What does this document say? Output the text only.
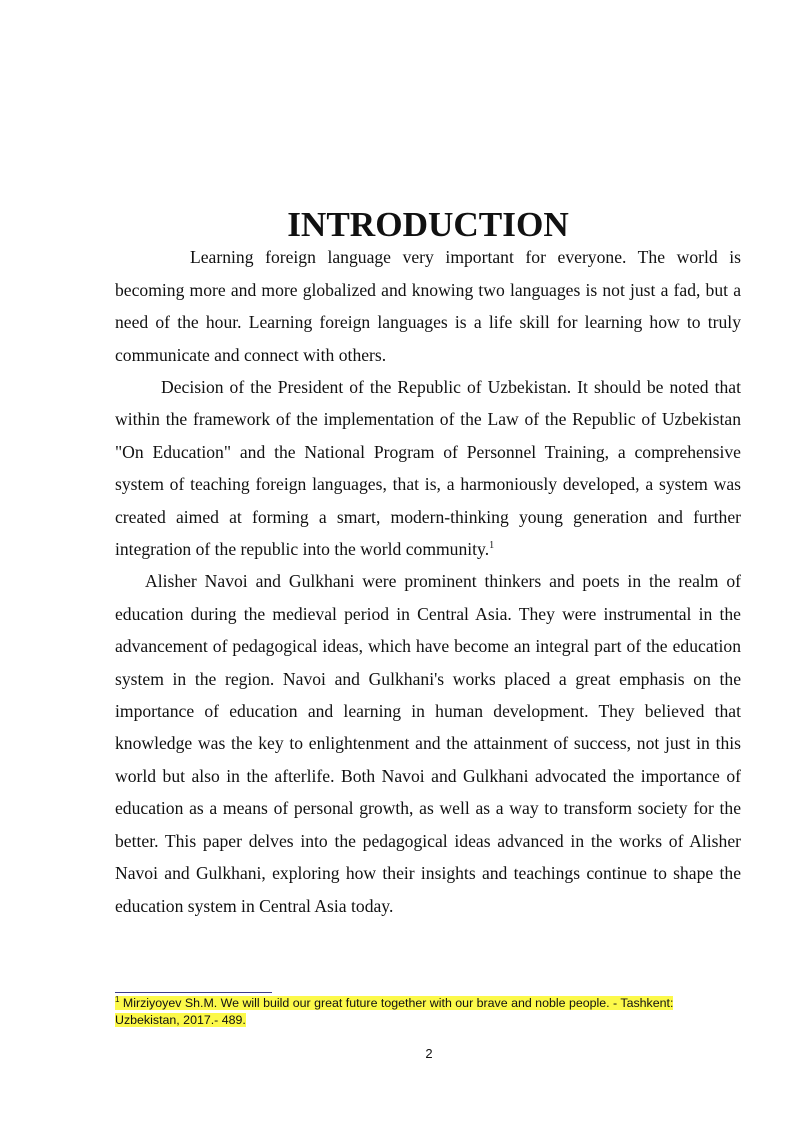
INTRODUCTION

Learning foreign language very important for everyone. The world is becoming more and more globalized and knowing two languages is not just a fad, but a need of the hour. Learning foreign languages is a life skill for learning how to truly communicate and connect with others.

Decision of the President of the Republic of Uzbekistan. It should be noted that within the framework of the implementation of the Law of the Republic of Uzbekistan "On Education" and the National Program of Personnel Training, a comprehensive system of teaching foreign languages, that is, a harmoniously developed, a system was created aimed at forming a smart, modern-thinking young generation and further integration of the republic into the world community.$^1$

Alisher Navoi and Gulkhani were prominent thinkers and poets in the realm of education during the medieval period in Central Asia. They were instrumental in the advancement of pedagogical ideas, which have become an integral part of the education system in the region. Navoi and Gulkhani's works placed a great emphasis on the importance of education and learning in human development. They believed that knowledge was the key to enlightenment and the attainment of success, not just in this world but also in the afterlife. Both Navoi and Gulkhani advocated the importance of education as a means of personal growth, as well as a way to transform society for the better. This paper delves into the pedagogical ideas advanced in the works of Alisher Navoi and Gulkhani, exploring how their insights and teachings continue to shape the education system in Central Asia today.

$^1$ Mirziyoyev Sh.M. We will build our great future together with our brave and noble people. - Tashkent: Uzbekistan, 2017.- 489.
2
